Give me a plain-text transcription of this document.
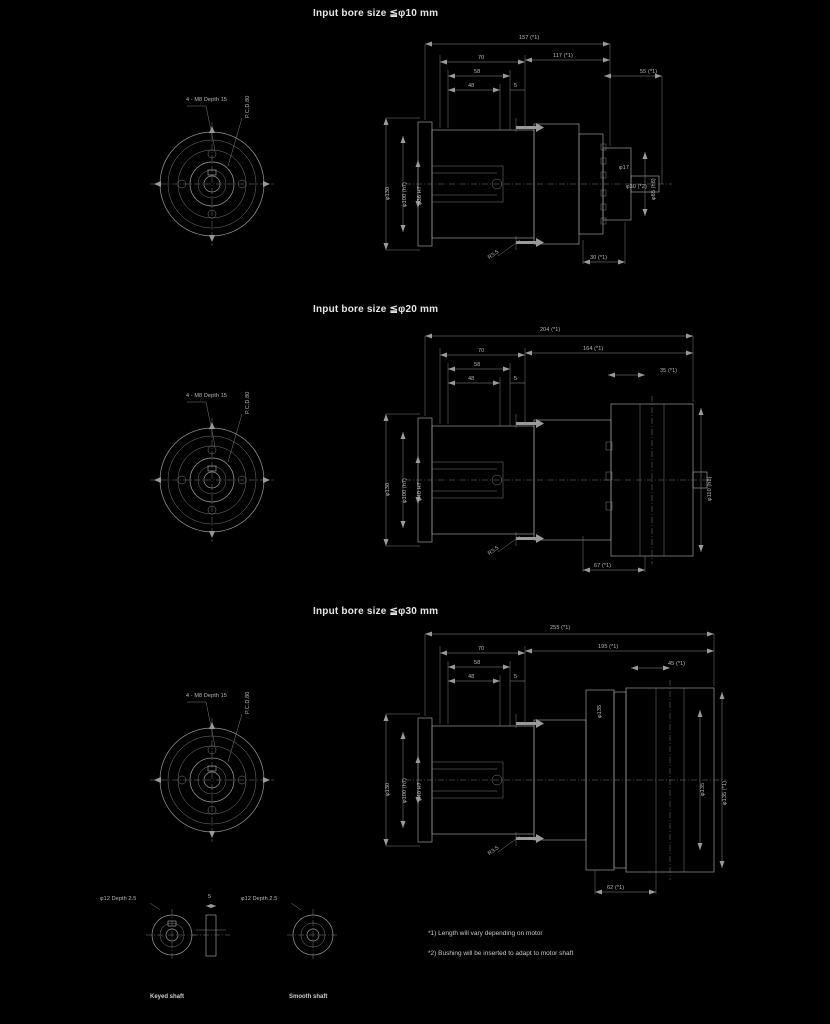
Input bore size ≦φ10 mm
4 - M8 Depth 15	P.C.D.80
157 (*1)
117 (*1)
70
58
48	5
55 (*1)
φ130 φ100 (h7) φ36 H7
φ17
φ30 (*2) φ85 (h8)
30 (*1)
R3.5
Input bore size ≦φ20 mm
4 - M8 Depth 15	P.C.D.80
204 (*1)
164 (*1)
70
58
48	5
35 (*1)
φ130 φ100 (h7) φ40 H7	φ110 (h8)
67 (*1)
R3.5
Input bore size ≦φ30 mm
4 - M8 Depth 15	P.C.D.80
255 (*1)
195 (*1)
70
58
48	5
45 (*1)
φ130 φ100 (h7) φ40 H7
φ135
φ135	φ135 (*1)
62 (*1)
R3.5
φ12 Depth 2.5	5	φ12 Depth 2.5
Keyed shaft	Smooth shaft
*1) Length will vary depending on motor
*2) Bushing will be inserted to adapt to motor shaft
